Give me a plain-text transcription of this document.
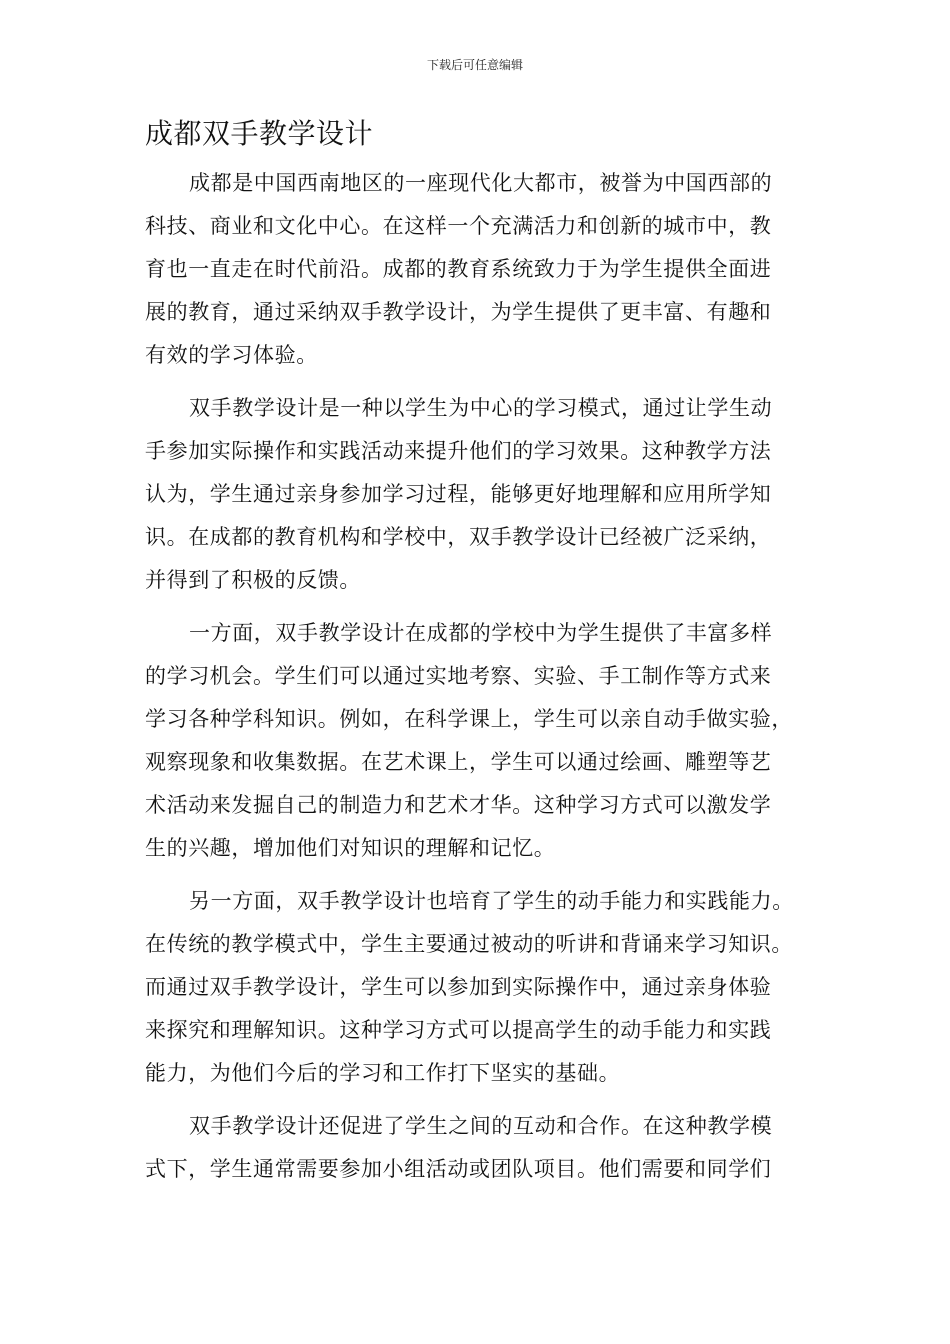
下载后可任意编辑
成都双手教学设计
成都是中国西南地区的一座现代化大都市，被誉为中国西部的
科技、商业和文化中心。在这样一个充满活力和创新的城市中，教
育也一直走在时代前沿。成都的教育系统致力于为学生提供全面进
展的教育，通过采纳双手教学设计，为学生提供了更丰富、有趣和
有效的学习体验。
双手教学设计是一种以学生为中心的学习模式，通过让学生动
手参加实际操作和实践活动来提升他们的学习效果。这种教学方法
认为，学生通过亲身参加学习过程，能够更好地理解和应用所学知
识。在成都的教育机构和学校中，双手教学设计已经被广泛采纳，
并得到了积极的反馈。
一方面，双手教学设计在成都的学校中为学生提供了丰富多样
的学习机会。学生们可以通过实地考察、实验、手工制作等方式来
学习各种学科知识。例如，在科学课上，学生可以亲自动手做实验，
观察现象和收集数据。在艺术课上，学生可以通过绘画、雕塑等艺
术活动来发掘自己的制造力和艺术才华。这种学习方式可以激发学
生的兴趣，增加他们对知识的理解和记忆。
另一方面，双手教学设计也培育了学生的动手能力和实践能力。
在传统的教学模式中，学生主要通过被动的听讲和背诵来学习知识。
而通过双手教学设计，学生可以参加到实际操作中，通过亲身体验
来探究和理解知识。这种学习方式可以提高学生的动手能力和实践
能力，为他们今后的学习和工作打下坚实的基础。
双手教学设计还促进了学生之间的互动和合作。在这种教学模
式下，学生通常需要参加小组活动或团队项目。他们需要和同学们
